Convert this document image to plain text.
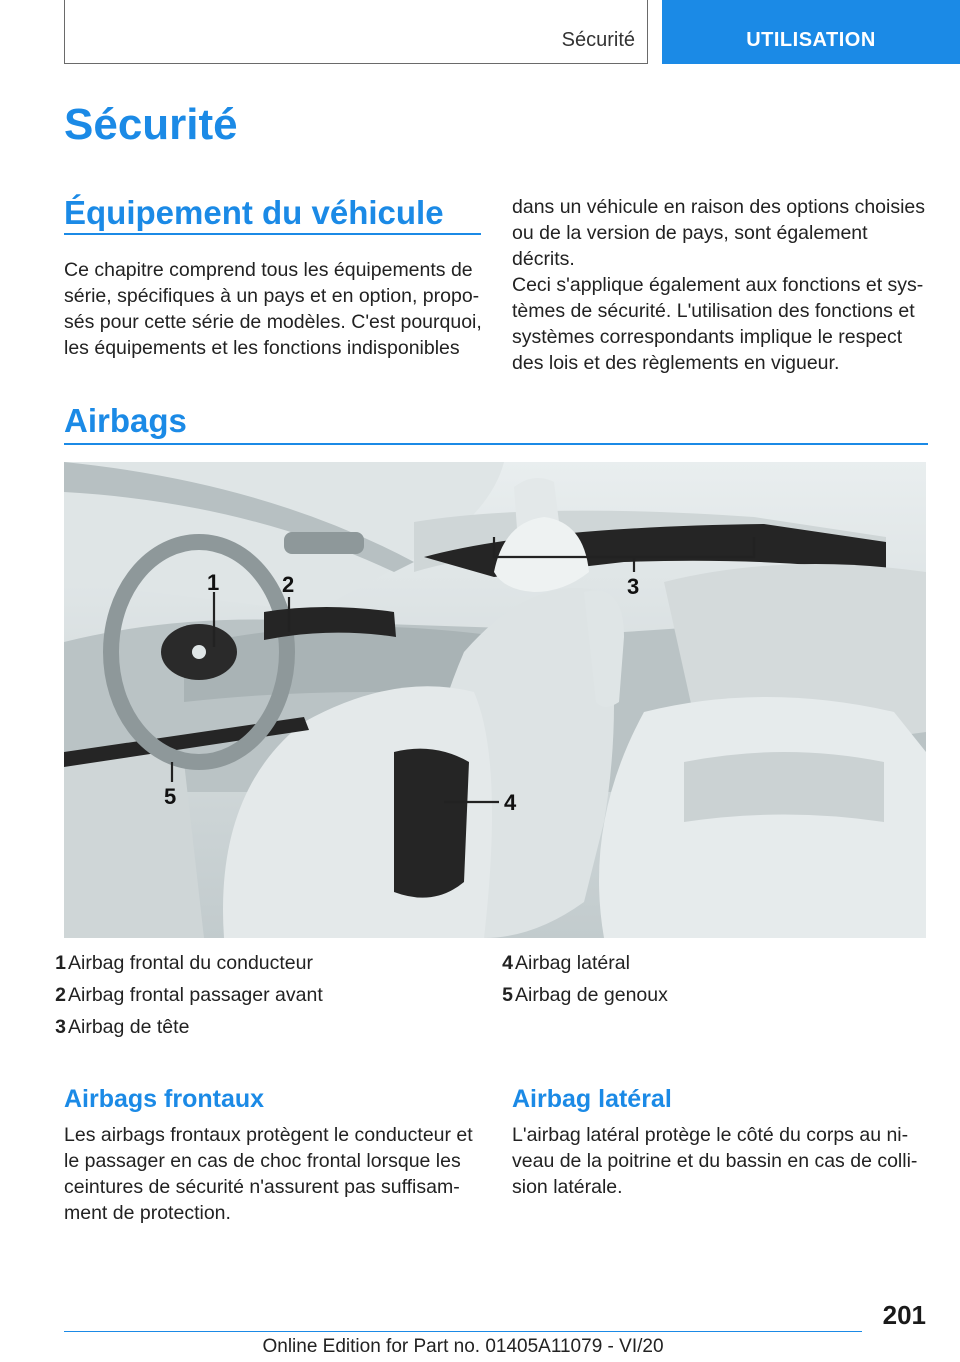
Sécurité	UTILISATION
Sécurité
Équipement du véhicule
Ce chapitre comprend tous les équipements de
série, spécifiques à un pays et en option, propo-
sés pour cette série de modèles. C'est pourquoi,
les équipements et les fonctions indisponibles
dans un véhicule en raison des options choisies
ou de la version de pays, sont également décrits.
Ceci s'applique également aux fonctions et sys-
tèmes de sécurité. L'utilisation des fonctions et
systèmes correspondants implique le respect
des lois et des règlements en vigueur.
Airbags
1	2	3
4
5
1 Airbag frontal du conducteur
2 Airbag frontal passager avant
3 Airbag de tête
4 Airbag latéral
5 Airbag de genoux
Airbags frontaux
Les airbags frontaux protègent le conducteur et
le passager en cas de choc frontal lorsque les
ceintures de sécurité n'assurent pas suffisam-
ment de protection.
Airbag latéral
L'airbag latéral protège le côté du corps au ni-
veau de la poitrine et du bassin en cas de colli-
sion latérale.
201
Online Edition for Part no. 01405A11079 - VI/20
